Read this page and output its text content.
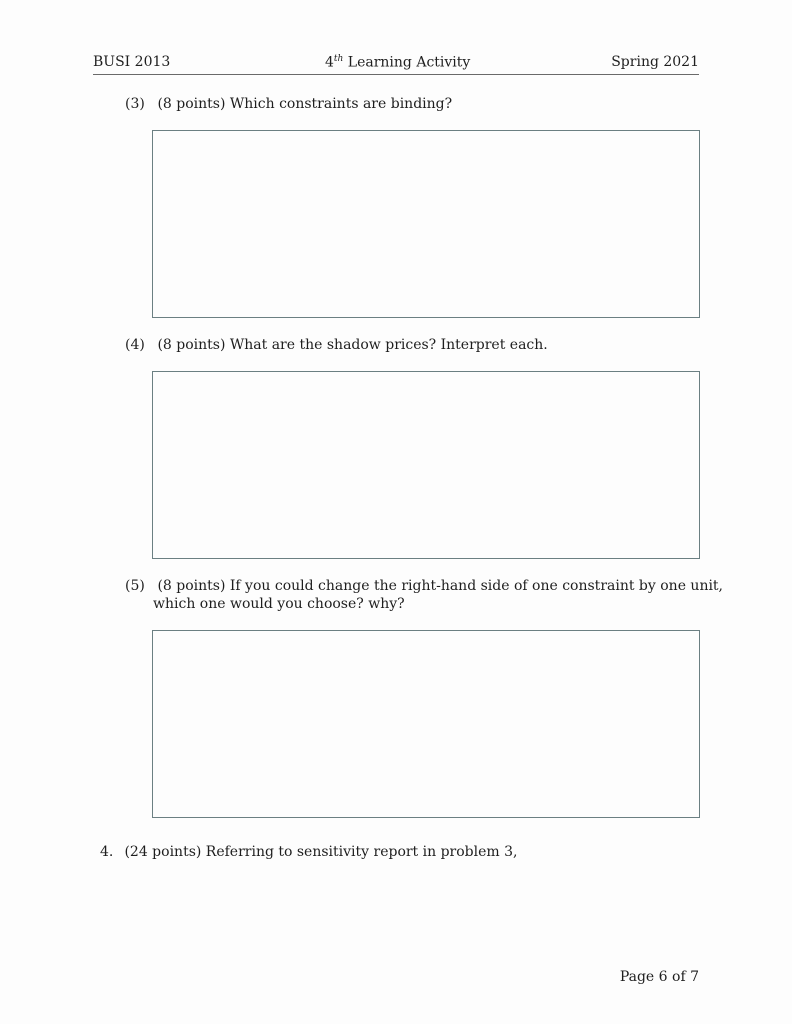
BUSI 2013	4th Learning Activity	Spring 2021
(3) (8 points) Which constraints are binding?
(4) (8 points) What are the shadow prices? Interpret each.
(5) (8 points) If you could change the right-hand side of one constraint by one unit,
which one would you choose? why?
4. (24 points) Referring to sensitivity report in problem 3,
Page 6 of 7
